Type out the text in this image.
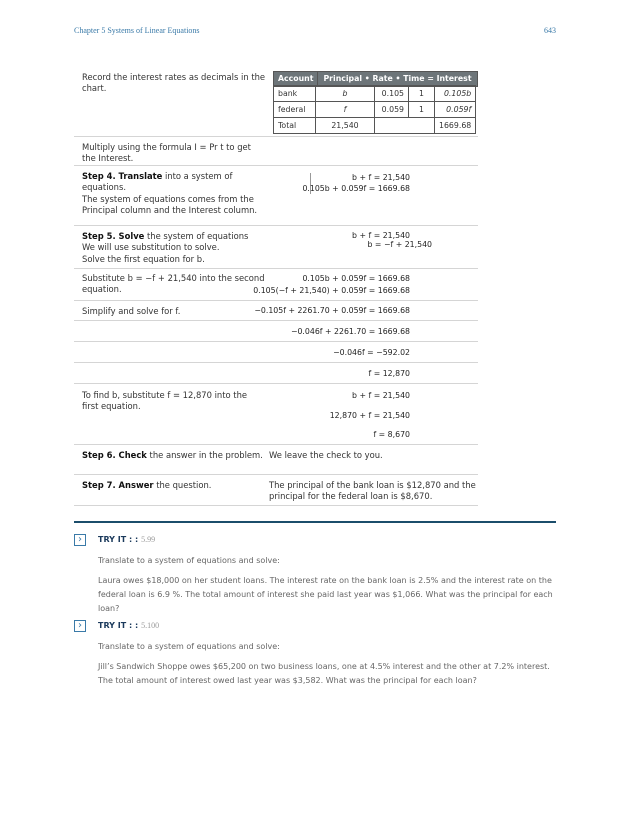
Chapter 5 Systems of Linear Equations	643
Record the interest rates as decimals in the chart.
Account	Principal • Rate • Time = Interest
bank	b	0.105	1	0.105b
federal	f	0.059	1	0.059f
Total	21,540			1669.68
Multiply using the formula I = Pr t to get the Interest.
Step 4. Translate into a system of equations.
The system of equations comes from the Principal column and the Interest column.
b + f = 21,540
0.105b + 0.059f = 1669.68
Step 5. Solve the system of equations
We will use substitution to solve.
Solve the first equation for b.
b + f = 21,540
b = −f + 21,540
Substitute b = −f + 21,540 into the second equation.
0.105b + 0.059f = 1669.68
0.105(−f + 21,540) + 0.059f = 1669.68
Simplify and solve for f.	−0.105f + 2261.70 + 0.059f = 1669.68
−0.046f + 2261.70 = 1669.68
−0.046f = −592.02
f = 12,870
To find b, substitute f = 12,870 into the first equation.
b + f = 21,540
12,870 + f = 21,540
f = 8,670
Step 6. Check the answer in the problem. We leave the check to you.
Step 7. Answer the question.	The principal of the bank loan is $12,870 and the principal for the federal loan is $8,670.
›	TRY IT : : 5.99
Translate to a system of equations and solve:
Laura owes $18,000 on her student loans. The interest rate on the bank loan is 2.5% and the interest rate on the federal loan is 6.9 %. The total amount of interest she paid last year was $1,066. What was the principal for each loan?
›	TRY IT : : 5.100
Translate to a system of equations and solve:
Jill’s Sandwich Shoppe owes $65,200 on two business loans, one at 4.5% interest and the other at 7.2% interest. The total amount of interest owed last year was $3,582. What was the principal for each loan?
